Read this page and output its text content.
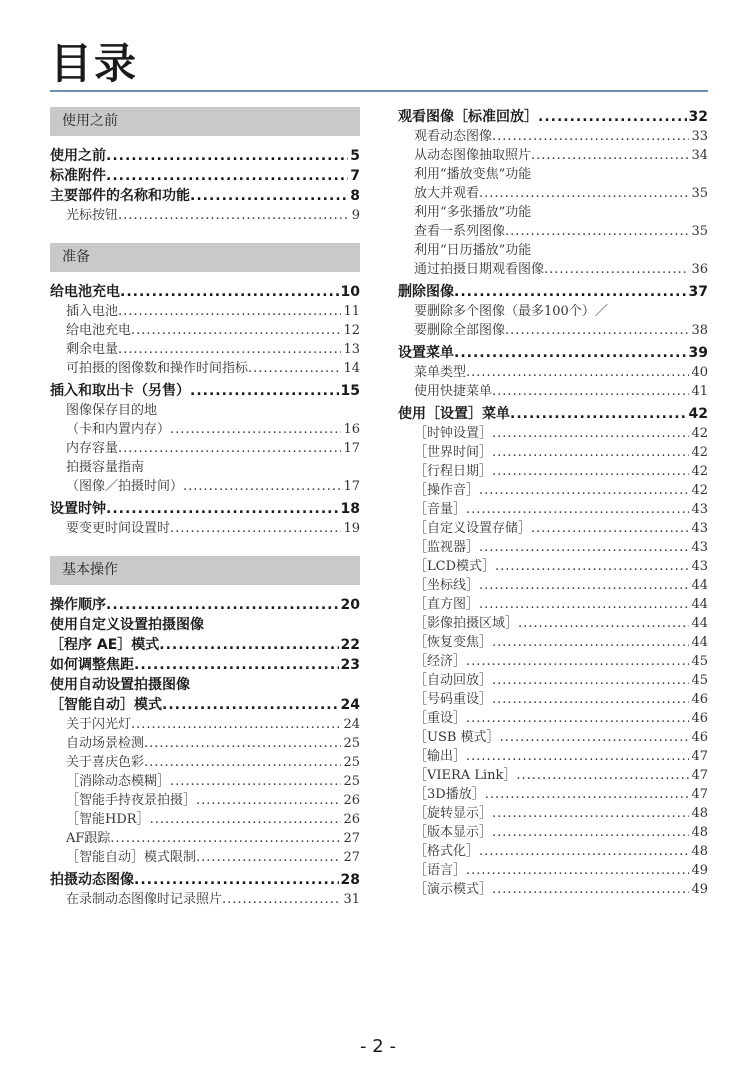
目录
使用之前
使用之前 .....	5
标准附件 .....	7
主要部件的名称和功能 .....	8
光标按钮 .....	9
准备
给电池充电 .....	10
插入电池 .....	11
给电池充电 .....	12
剩余电量 .....	13
可拍摄的图像数和操作时间指标 .....	14
插入和取出卡（另售） .....	15
图像保存目的地
（卡和内置内存） .....	16
内存容量 .....	17
拍摄容量指南
（图像／拍摄时间） .....	17
设置时钟 .....	18
要变更时间设置时 .....	19
基本操作
操作顺序 .....	20
使用自定义设置拍摄图像
［程序 AE］模式 .....	22
如何调整焦距 .....	23
使用自动设置拍摄图像
［智能自动］模式 .....	24
关于闪光灯 .....	24
自动场景检测 .....	25
关于喜庆色彩 .....	25
［消除动态模糊］ .....	25
［智能手持夜景拍摄］ .....	26
［智能HDR］ .....	26
AF跟踪 .....	27
［智能自动］模式限制 .....	27
拍摄动态图像 .....	28
在录制动态图像时记录照片 .....	31
观看图像［标准回放］ .....	32
观看动态图像 .....	33
从动态图像抽取照片 .....	34
利用“播放变焦”功能
放大并观看 .....	35
利用“多张播放”功能
查看一系列图像 .....	35
利用“日历播放”功能
通过拍摄日期观看图像 .....	36
删除图像 .....	37
要删除多个图像（最多100个）／
要删除全部图像 .....	38
设置菜单 .....	39
菜单类型 .....	40
使用快捷菜单 .....	41
使用［设置］菜单 .....	42
［时钟设置］ .....	42
［世界时间］ .....	42
［行程日期］ .....	42
［操作音］ .....	42
［音量］ .....	43
［自定义设置存储］ .....	43
［监视器］ .....	43
［LCD模式］ .....	43
［坐标线］ .....	44
［直方图］ .....	44
［影像拍摄区域］ .....	44
［恢复变焦］ .....	44
［经济］ .....	45
［自动回放］ .....	45
［号码重设］ .....	46
［重设］ .....	46
［USB 模式］ .....	46
［输出］ .....	47
［VIERA Link］ .....	47
［3D播放］ .....	47
［旋转显示］ .....	48
［版本显示］ .....	48
［格式化］ .....	48
［语言］ .....	49
［演示模式］ .....	49
- 2 -
